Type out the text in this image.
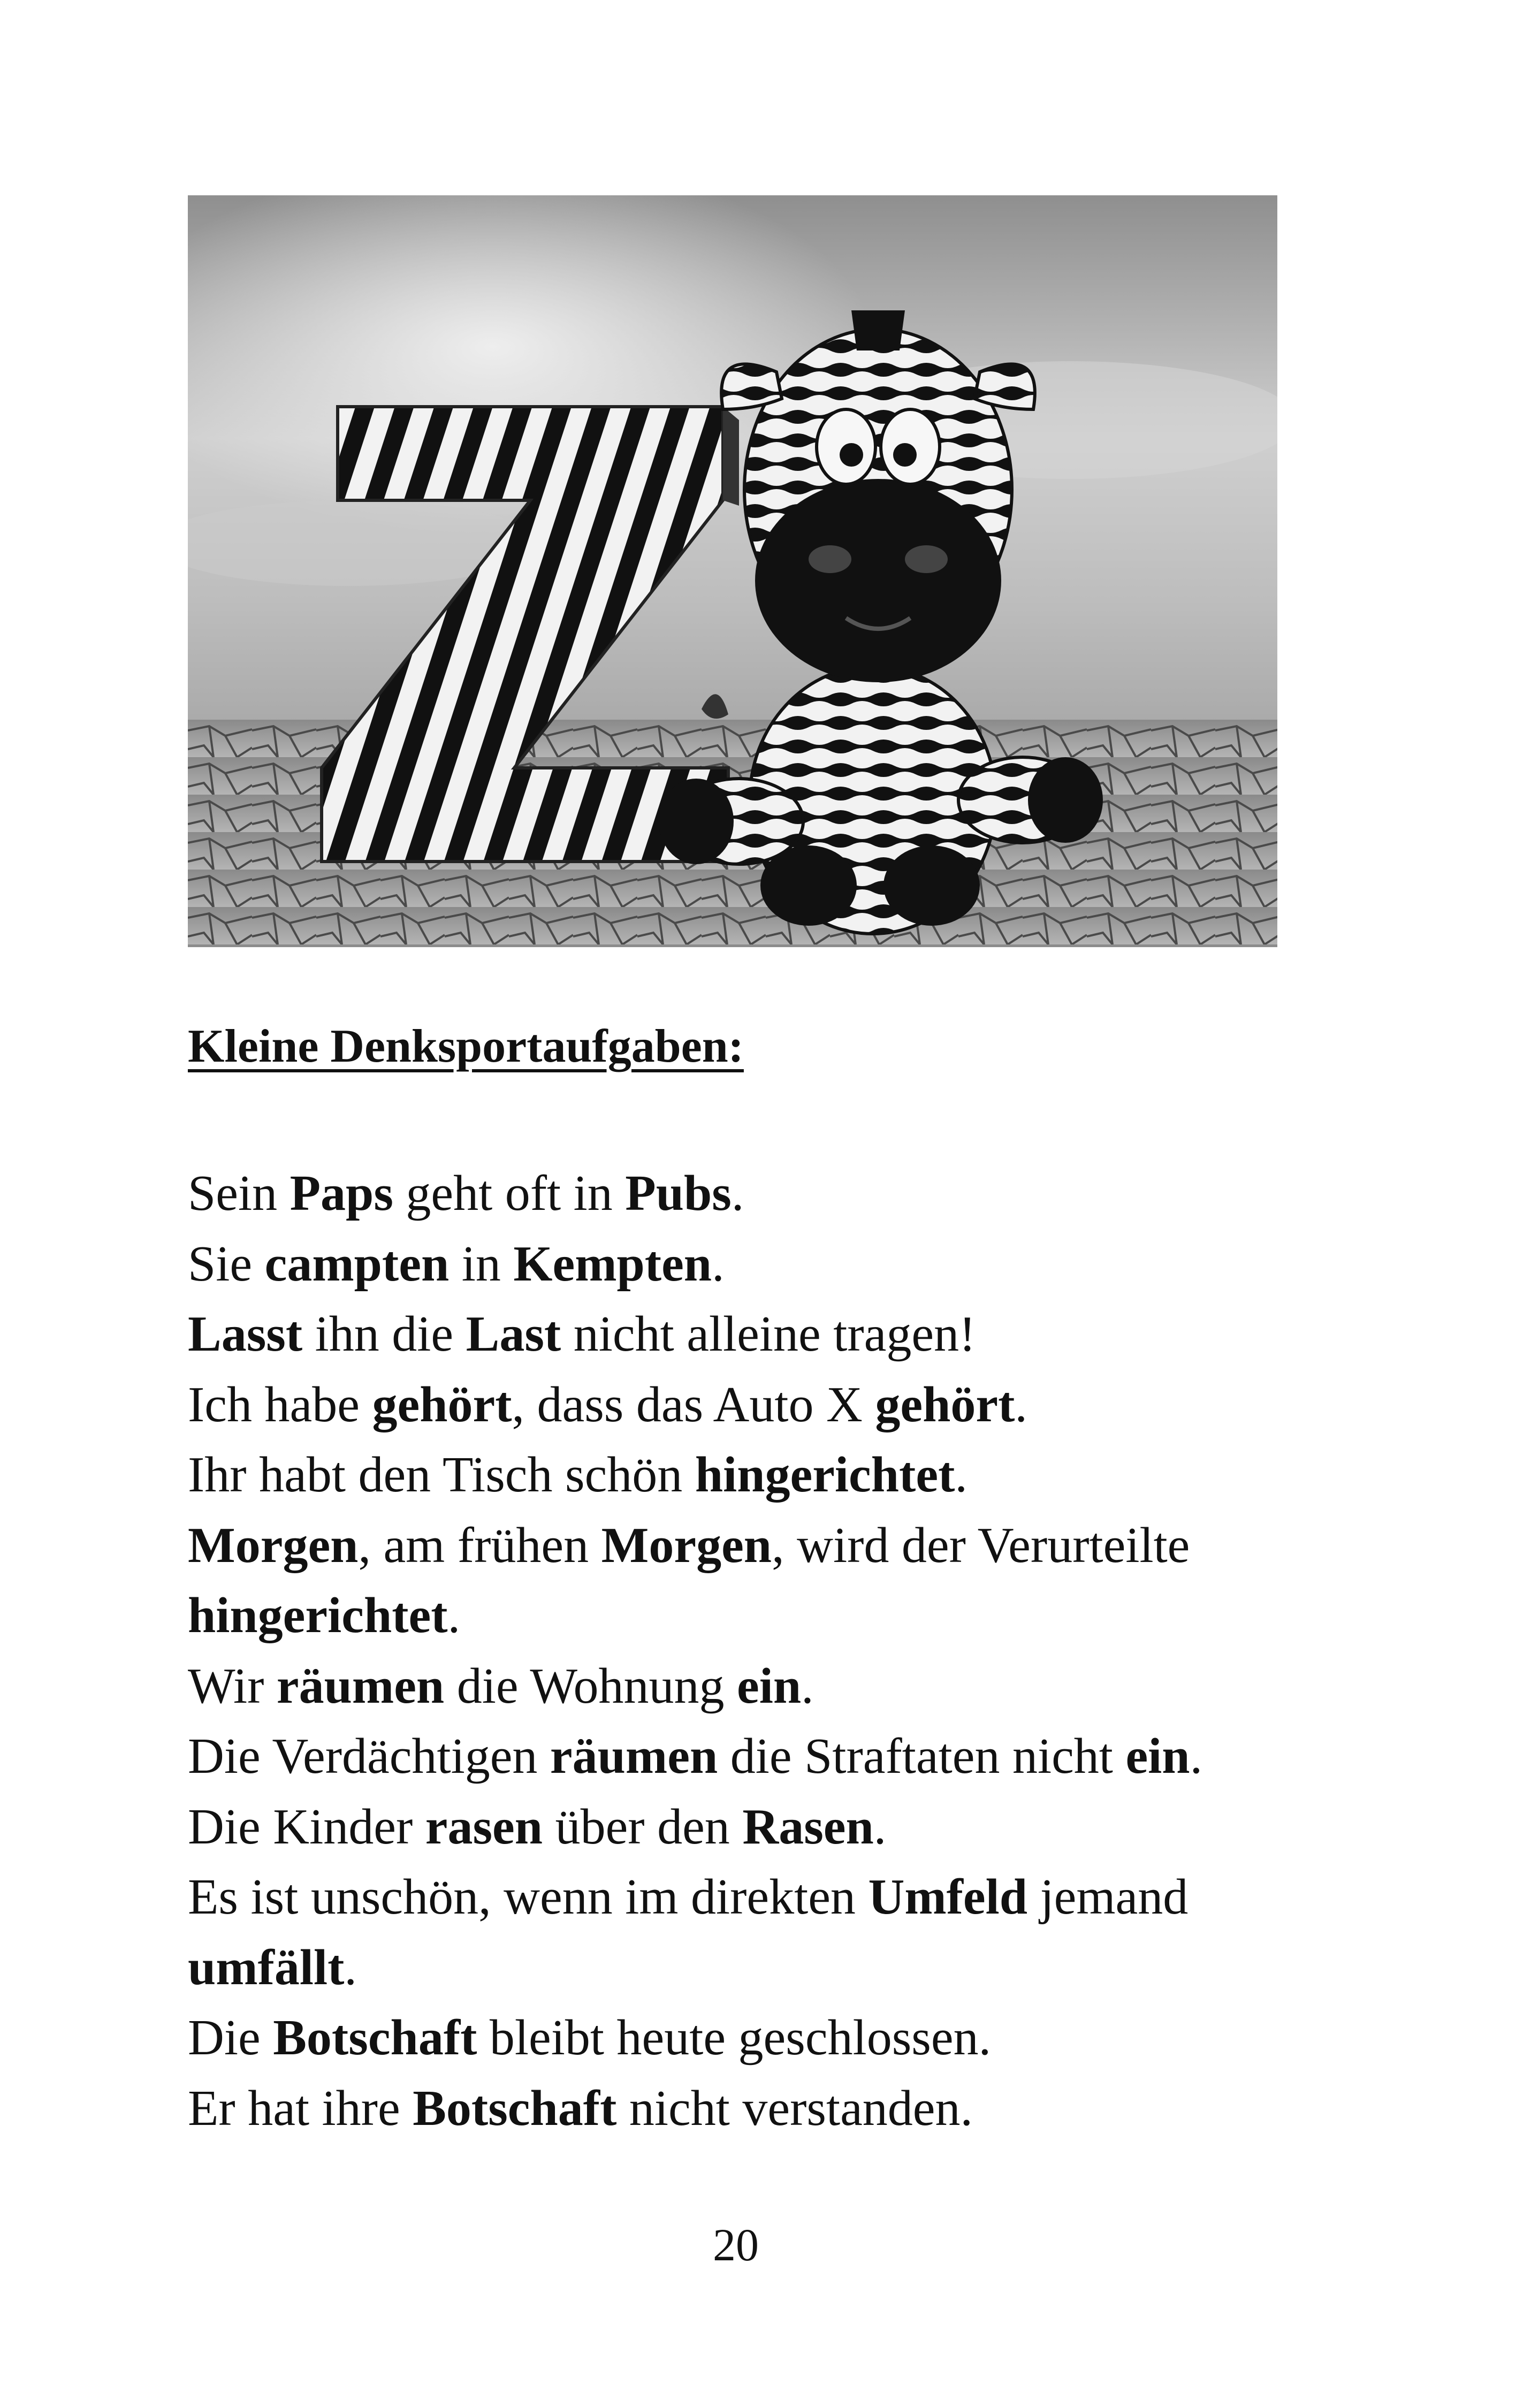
Kleine Denksportaufgaben:
Sein Paps geht oft in Pubs.
Sie campten in Kempten.
Lasst ihn die Last nicht alleine tragen!
Ich habe gehört, dass das Auto X gehört.
Ihr habt den Tisch schön hingerichtet.
Morgen, am frühen Morgen, wird der Verurteilte
hingerichtet.
Wir räumen die Wohnung ein.
Die Verdächtigen räumen die Straftaten nicht ein.
Die Kinder rasen über den Rasen.
Es ist unschön, wenn im direkten Umfeld jemand
umfällt.
Die Botschaft bleibt heute geschlossen.
Er hat ihre Botschaft nicht verstanden.
20
